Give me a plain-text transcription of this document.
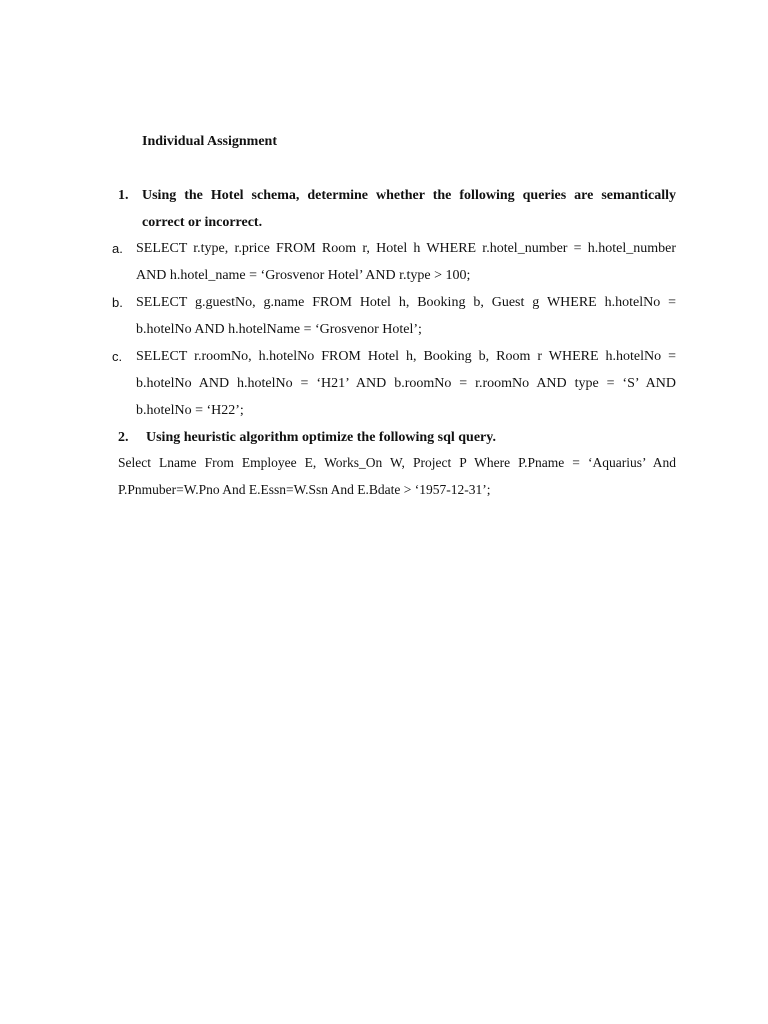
Individual Assignment
1. Using the Hotel schema, determine whether the following queries are semantically correct or incorrect.
a. SELECT r.type, r.price FROM Room r, Hotel h WHERE r.hotel_number = h.hotel_number AND h.hotel_name = ‘Grosvenor Hotel’ AND r.type > 100;
b. SELECT g.guestNo, g.name FROM Hotel h, Booking b, Guest g WHERE h.hotelNo = b.hotelNo AND h.hotelName = ‘Grosvenor Hotel’;
c. SELECT r.roomNo, h.hotelNo FROM Hotel h, Booking b, Room r WHERE h.hotelNo = b.hotelNo AND h.hotelNo = ‘H21’ AND b.roomNo = r.roomNo AND type = ‘S’ AND b.hotelNo = ‘H22’;
2.	Using heuristic algorithm optimize the following sql query.
Select Lname From Employee E, Works_On W, Project P Where P.Pname = ‘Aquarius’ And P.Pnmuber=W.Pno And E.Essn=W.Ssn And E.Bdate > ‘1957-12-31’;
